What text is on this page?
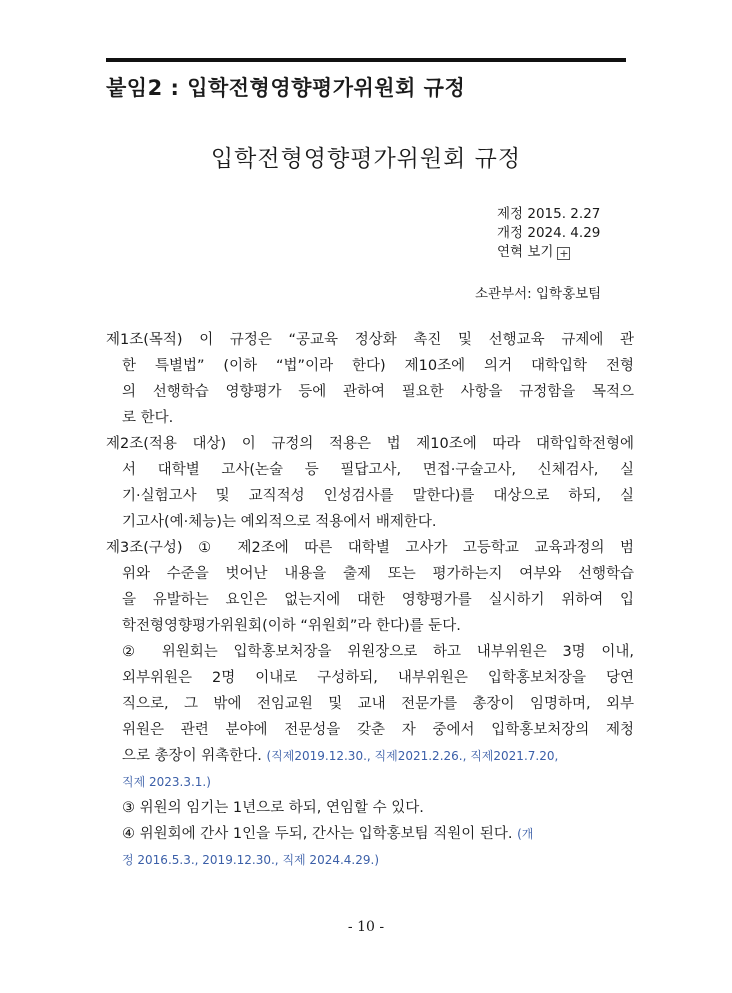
붙임2 : 입학전형영향평가위원회 규정
입학전형영향평가위원회 규정
제정 2015. 2.27
개정 2024. 4.29
연혁 보기 +
소관부서: 입학홍보팀
제1조(목적) 이 규정은 “공교육 정상화 촉진 및 선행교육 규제에 관
한 특별법” (이하 “법”이라 한다) 제10조에 의거 대학입학 전형
의 선행학습 영향평가 등에 관하여 필요한 사항을 규정함을 목적으
로 한다.
제2조(적용 대상) 이 규정의 적용은 법 제10조에 따라 대학입학전형에
서 대학별 고사(논술 등 필답고사, 면접·구술고사, 신체검사, 실
기·실험고사 및 교직적성 인성검사를 말한다)를 대상으로 하되, 실
기고사(예·체능)는 예외적으로 적용에서 배제한다.
제3조(구성) ① 제2조에 따른 대학별 고사가 고등학교 교육과정의 범
위와 수준을 벗어난 내용을 출제 또는 평가하는지 여부와 선행학습
을 유발하는 요인은 없는지에 대한 영향평가를 실시하기 위하여 입
학전형영향평가위원회(이하 “위원회”라 한다)를 둔다.
② 위원회는 입학홍보처장을 위원장으로 하고 내부위원은 3명 이내,
외부위원은 2명 이내로 구성하되, 내부위원은 입학홍보처장을 당연
직으로, 그 밖에 전임교원 및 교내 전문가를 총장이 임명하며, 외부
위원은 관련 분야에 전문성을 갖춘 자 중에서 입학홍보처장의 제청
으로 총장이 위촉한다. (직제2019.12.30., 직제2021.2.26., 직제2021.7.20,
직제 2023.3.1.)
③ 위원의 임기는 1년으로 하되, 연임할 수 있다.
④ 위원회에 간사 1인을 두되, 간사는 입학홍보팀 직원이 된다. (개
정 2016.5.3., 2019.12.30., 직제 2024.4.29.)
- 10 -
